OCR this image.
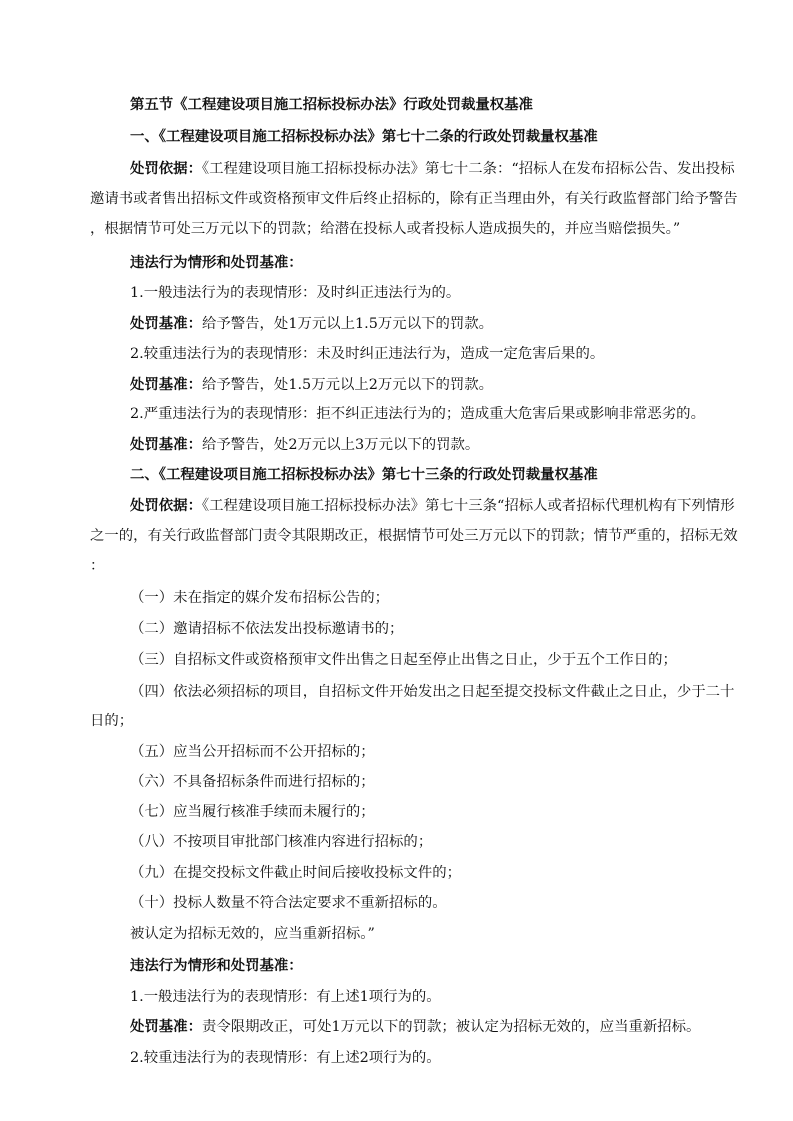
第五节《工程建设项目施工招标投标办法》行政处罚裁量权基准
一、《工程建设项目施工招标投标办法》第七十二条的行政处罚裁量权基准
处罚依据：《工程建设项目施工招标投标办法》第七十二条：“招标人在发布招标公告、发出投标
邀请书或者售出招标文件或资格预审文件后终止招标的，除有正当理由外，有关行政监督部门给予警告
，根据情节可处三万元以下的罚款；给潜在投标人或者投标人造成损失的，并应当赔偿损失。”
违法行为情形和处罚基准：
1.一般违法行为的表现情形：及时纠正违法行为的。
处罚基准：给予警告，处1万元以上1.5万元以下的罚款。
2.较重违法行为的表现情形：未及时纠正违法行为，造成一定危害后果的。
处罚基准：给予警告，处1.5万元以上2万元以下的罚款。
2.严重违法行为的表现情形：拒不纠正违法行为的；造成重大危害后果或影响非常恶劣的。
处罚基准：给予警告，处2万元以上3万元以下的罚款。
二、《工程建设项目施工招标投标办法》第七十三条的行政处罚裁量权基准
处罚依据：《工程建设项目施工招标投标办法》第七十三条“招标人或者招标代理机构有下列情形
之一的，有关行政监督部门责令其限期改正，根据情节可处三万元以下的罚款；情节严重的，招标无效
：
（一）未在指定的媒介发布招标公告的；
（二）邀请招标不依法发出投标邀请书的；
（三）自招标文件或资格预审文件出售之日起至停止出售之日止，少于五个工作日的；
（四）依法必须招标的项目，自招标文件开始发出之日起至提交投标文件截止之日止，少于二十
日的；
（五）应当公开招标而不公开招标的；
（六）不具备招标条件而进行招标的；
（七）应当履行核准手续而未履行的；
（八）不按项目审批部门核准内容进行招标的；
（九）在提交投标文件截止时间后接收投标文件的；
（十）投标人数量不符合法定要求不重新招标的。
被认定为招标无效的，应当重新招标。”
违法行为情形和处罚基准：
1.一般违法行为的表现情形：有上述1项行为的。
处罚基准：责令限期改正，可处1万元以下的罚款；被认定为招标无效的，应当重新招标。
2.较重违法行为的表现情形：有上述2项行为的。
